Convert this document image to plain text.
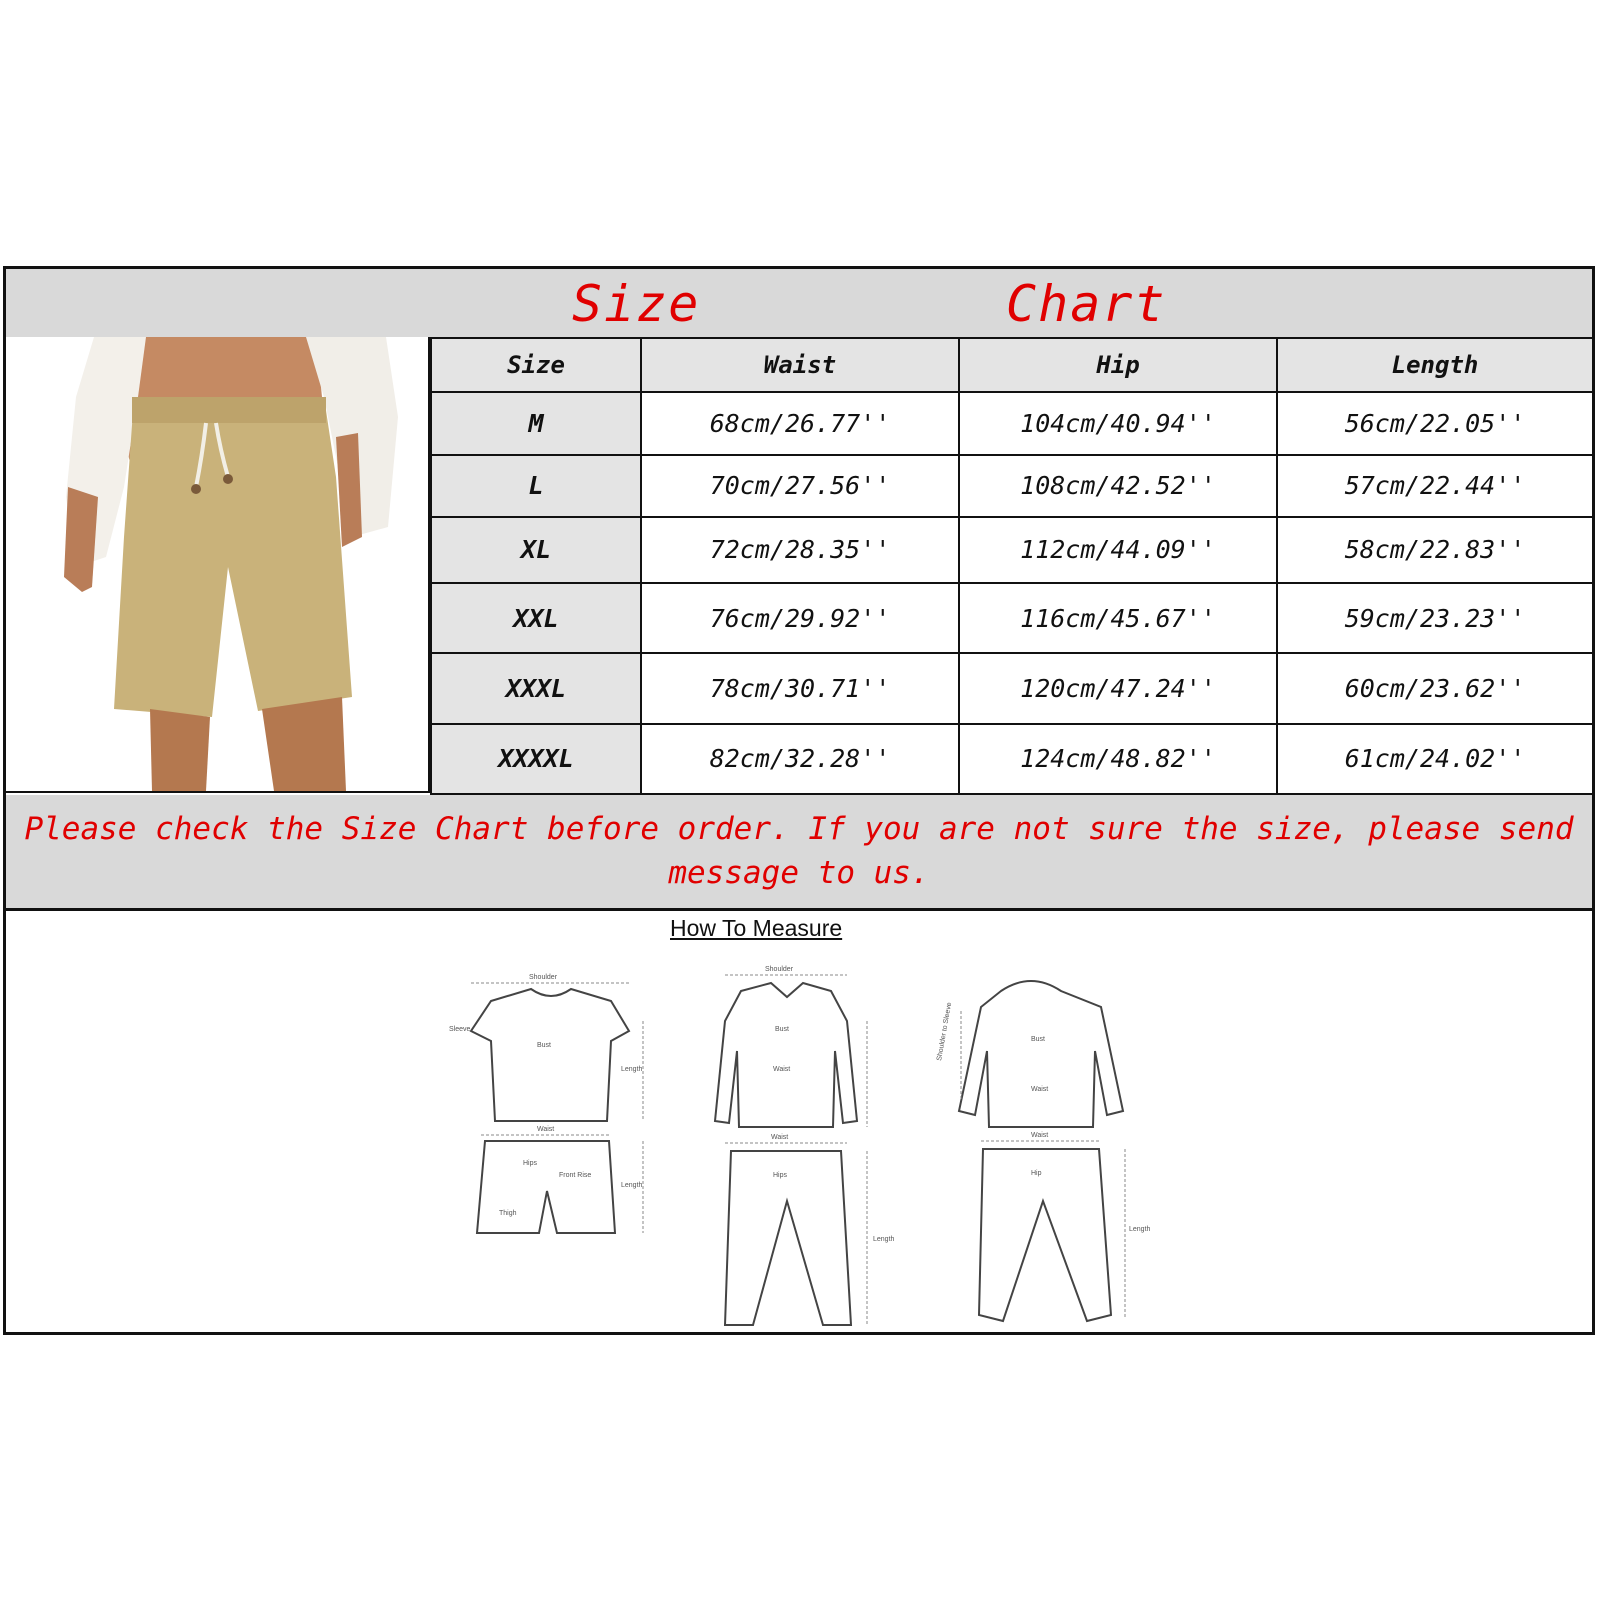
Size	Chart
Size	Waist	Hip	Length
M	68cm/26.77''	104cm/40.94''	56cm/22.05''
L	70cm/27.56''	108cm/42.52''	57cm/22.44''
XL	72cm/28.35''	112cm/44.09''	58cm/22.83''
XXL	76cm/29.92''	116cm/45.67''	59cm/23.23''
XXXL	78cm/30.71''	120cm/47.24''	60cm/23.62''
XXXXL	82cm/32.28''	124cm/48.82''	61cm/24.02''
Please check the Size Chart before order. If you are not sure the size, please send message to us.
How To Measure
Shoulder
Sleeve
Bust
Length
Waist
Hips
Front Rise
Thigh
Length
Shoulder
Bust
Waist
Waist
Hips
Length
Bust
Waist
Waist
Hip
Length
Shoulder to Sleeve
